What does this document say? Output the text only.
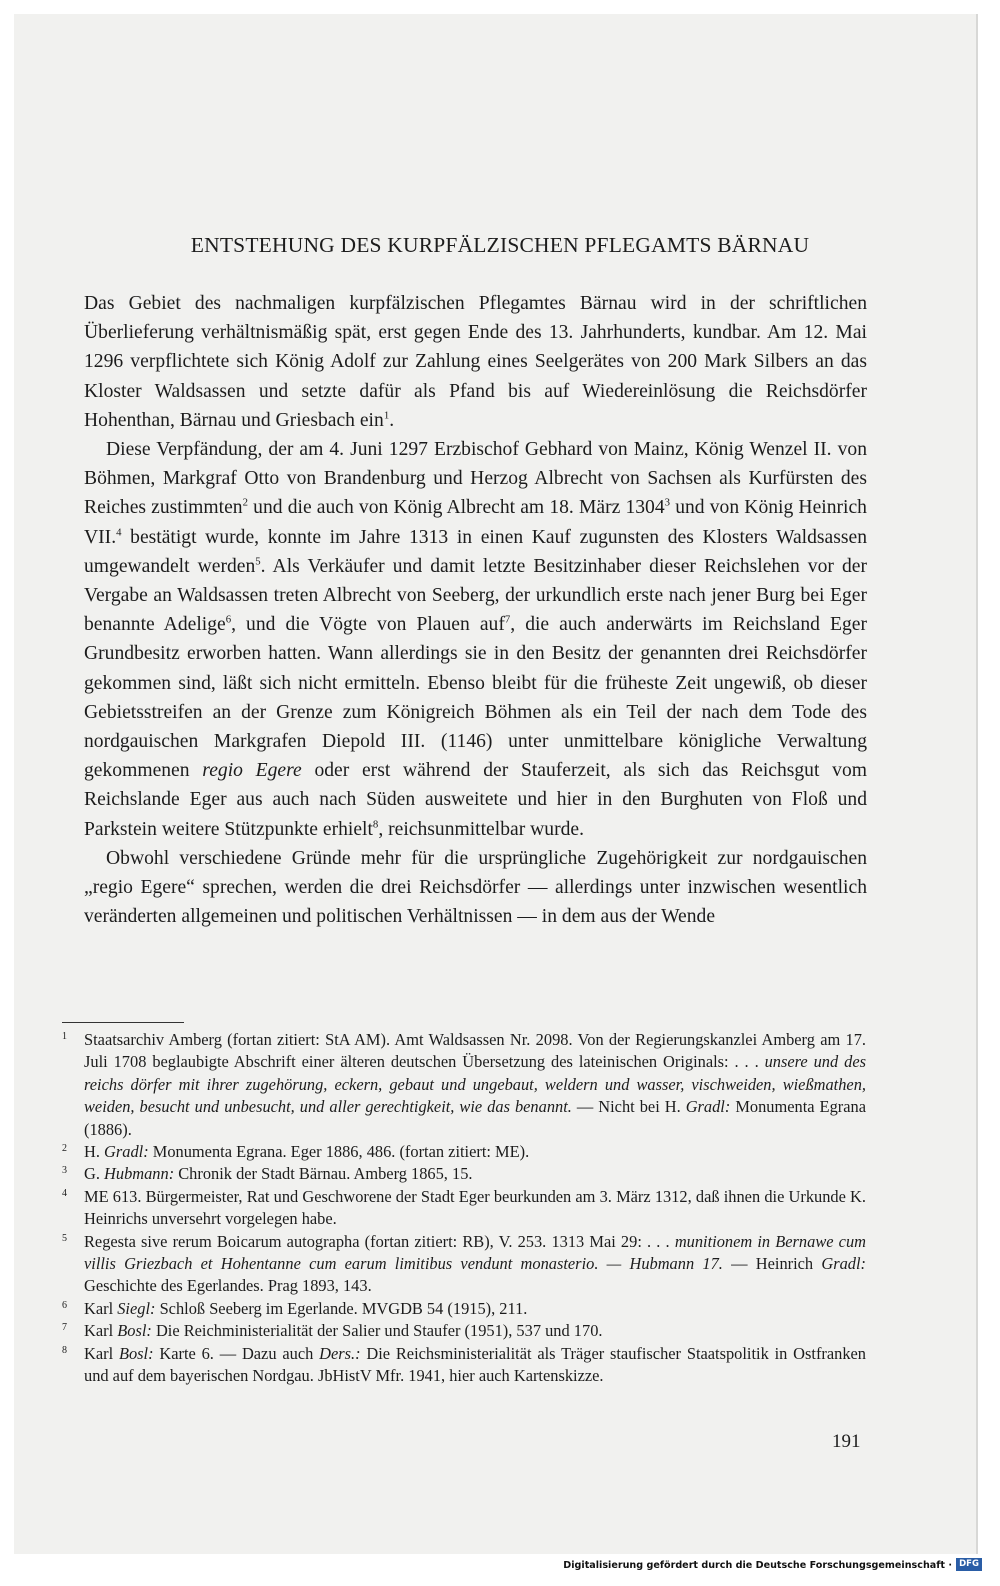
ENTSTEHUNG DES KURPFÄLZISCHEN PFLEGAMTS BÄRNAU

Das Gebiet des nachmaligen kurpfälzischen Pflegamtes Bärnau wird in der schriftlichen Überlieferung verhältnismäßig spät, erst gegen Ende des 13. Jahrhunderts, kundbar. Am 12. Mai 1296 verpflichtete sich König Adolf zur Zahlung eines Seelgerätes von 200 Mark Silbers an das Kloster Waldsassen und setzte dafür als Pfand bis auf Wiedereinlösung die Reichsdörfer Hohenthan, Bärnau und Griesbach ein$^1$.

Diese Verpfändung, der am 4. Juni 1297 Erzbischof Gebhard von Mainz, König Wenzel II. von Böhmen, Markgraf Otto von Brandenburg und Herzog Albrecht von Sachsen als Kurfürsten des Reiches zustimmten$^2$ und die auch von König Albrecht am 18. März 1304$^3$ und von König Heinrich VII.$^4$ bestätigt wurde, konnte im Jahre 1313 in einen Kauf zugunsten des Klosters Waldsassen umgewandelt werden$^5$. Als Verkäufer und damit letzte Besitzinhaber dieser Reichslehen vor der Vergabe an Waldsassen treten Albrecht von Seeberg, der urkundlich erste nach jener Burg bei Eger benannte Adelige$^6$, und die Vögte von Plauen auf$^7$, die auch anderwärts im Reichsland Eger Grundbesitz erworben hatten. Wann allerdings sie in den Besitz der genannten drei Reichsdörfer gekommen sind, läßt sich nicht ermitteln. Ebenso bleibt für die früheste Zeit ungewiß, ob dieser Gebietsstreifen an der Grenze zum Königreich Böhmen als ein Teil der nach dem Tode des nordgauischen Markgrafen Diepold III. (1146) unter unmittelbare königliche Verwaltung gekommenen regio Egere oder erst während der Stauferzeit, als sich das Reichsgut vom Reichslande Eger aus auch nach Süden ausweitete und hier in den Burghuten von Floß und Parkstein weitere Stützpunkte erhielt$^8$, reichsunmittelbar wurde.

Obwohl verschiedene Gründe mehr für die ursprüngliche Zugehörigkeit zur nordgauischen „regio Egere“ sprechen, werden die drei Reichsdörfer — allerdings unter inzwischen wesentlich veränderten allgemeinen und politischen Verhältnissen — in dem aus der Wende

1 Staatsarchiv Amberg (fortan zitiert: StA AM). Amt Waldsassen Nr. 2098. Von der Regierungskanzlei Amberg am 17. Juli 1708 beglaubigte Abschrift einer älteren deutschen Übersetzung des lateinischen Originals: . . . unsere und des reichs dörfer mit ihrer zugehörung, eckern, gebaut und ungebaut, weldern und wasser, vischweiden, wießmathen, weiden, besucht und unbesucht, und aller gerechtigkeit, wie das benannt. — Nicht bei H. Gradl: Monumenta Egrana (1886).
2 H. Gradl: Monumenta Egrana. Eger 1886, 486. (fortan zitiert: ME).
3 G. Hubmann: Chronik der Stadt Bärnau. Amberg 1865, 15.
4 ME 613. Bürgermeister, Rat und Geschworene der Stadt Eger beurkunden am 3. März 1312, daß ihnen die Urkunde K. Heinrichs unversehrt vorgelegen habe.
5 Regesta sive rerum Boicarum autographa (fortan zitiert: RB), V. 253. 1313 Mai 29: . . . munitionem in Bernawe cum villis Griezbach et Hohentanne cum earum limitibus vendunt monasterio. — Hubmann 17. — Heinrich Gradl: Geschichte des Egerlandes. Prag 1893, 143.
6 Karl Siegl: Schloß Seeberg im Egerlande. MVGDB 54 (1915), 211.
7 Karl Bosl: Die Reichministerialität der Salier und Staufer (1951), 537 und 170.
8 Karl Bosl: Karte 6. — Dazu auch Ders.: Die Reichsministerialität als Träger staufischer Staatspolitik in Ostfranken und auf dem bayerischen Nordgau. JbHistV Mfr. 1941, hier auch Kartenskizze.
191
Digitalisierung gefördert durch die Deutsche Forschungsgemeinschaft · DFG
